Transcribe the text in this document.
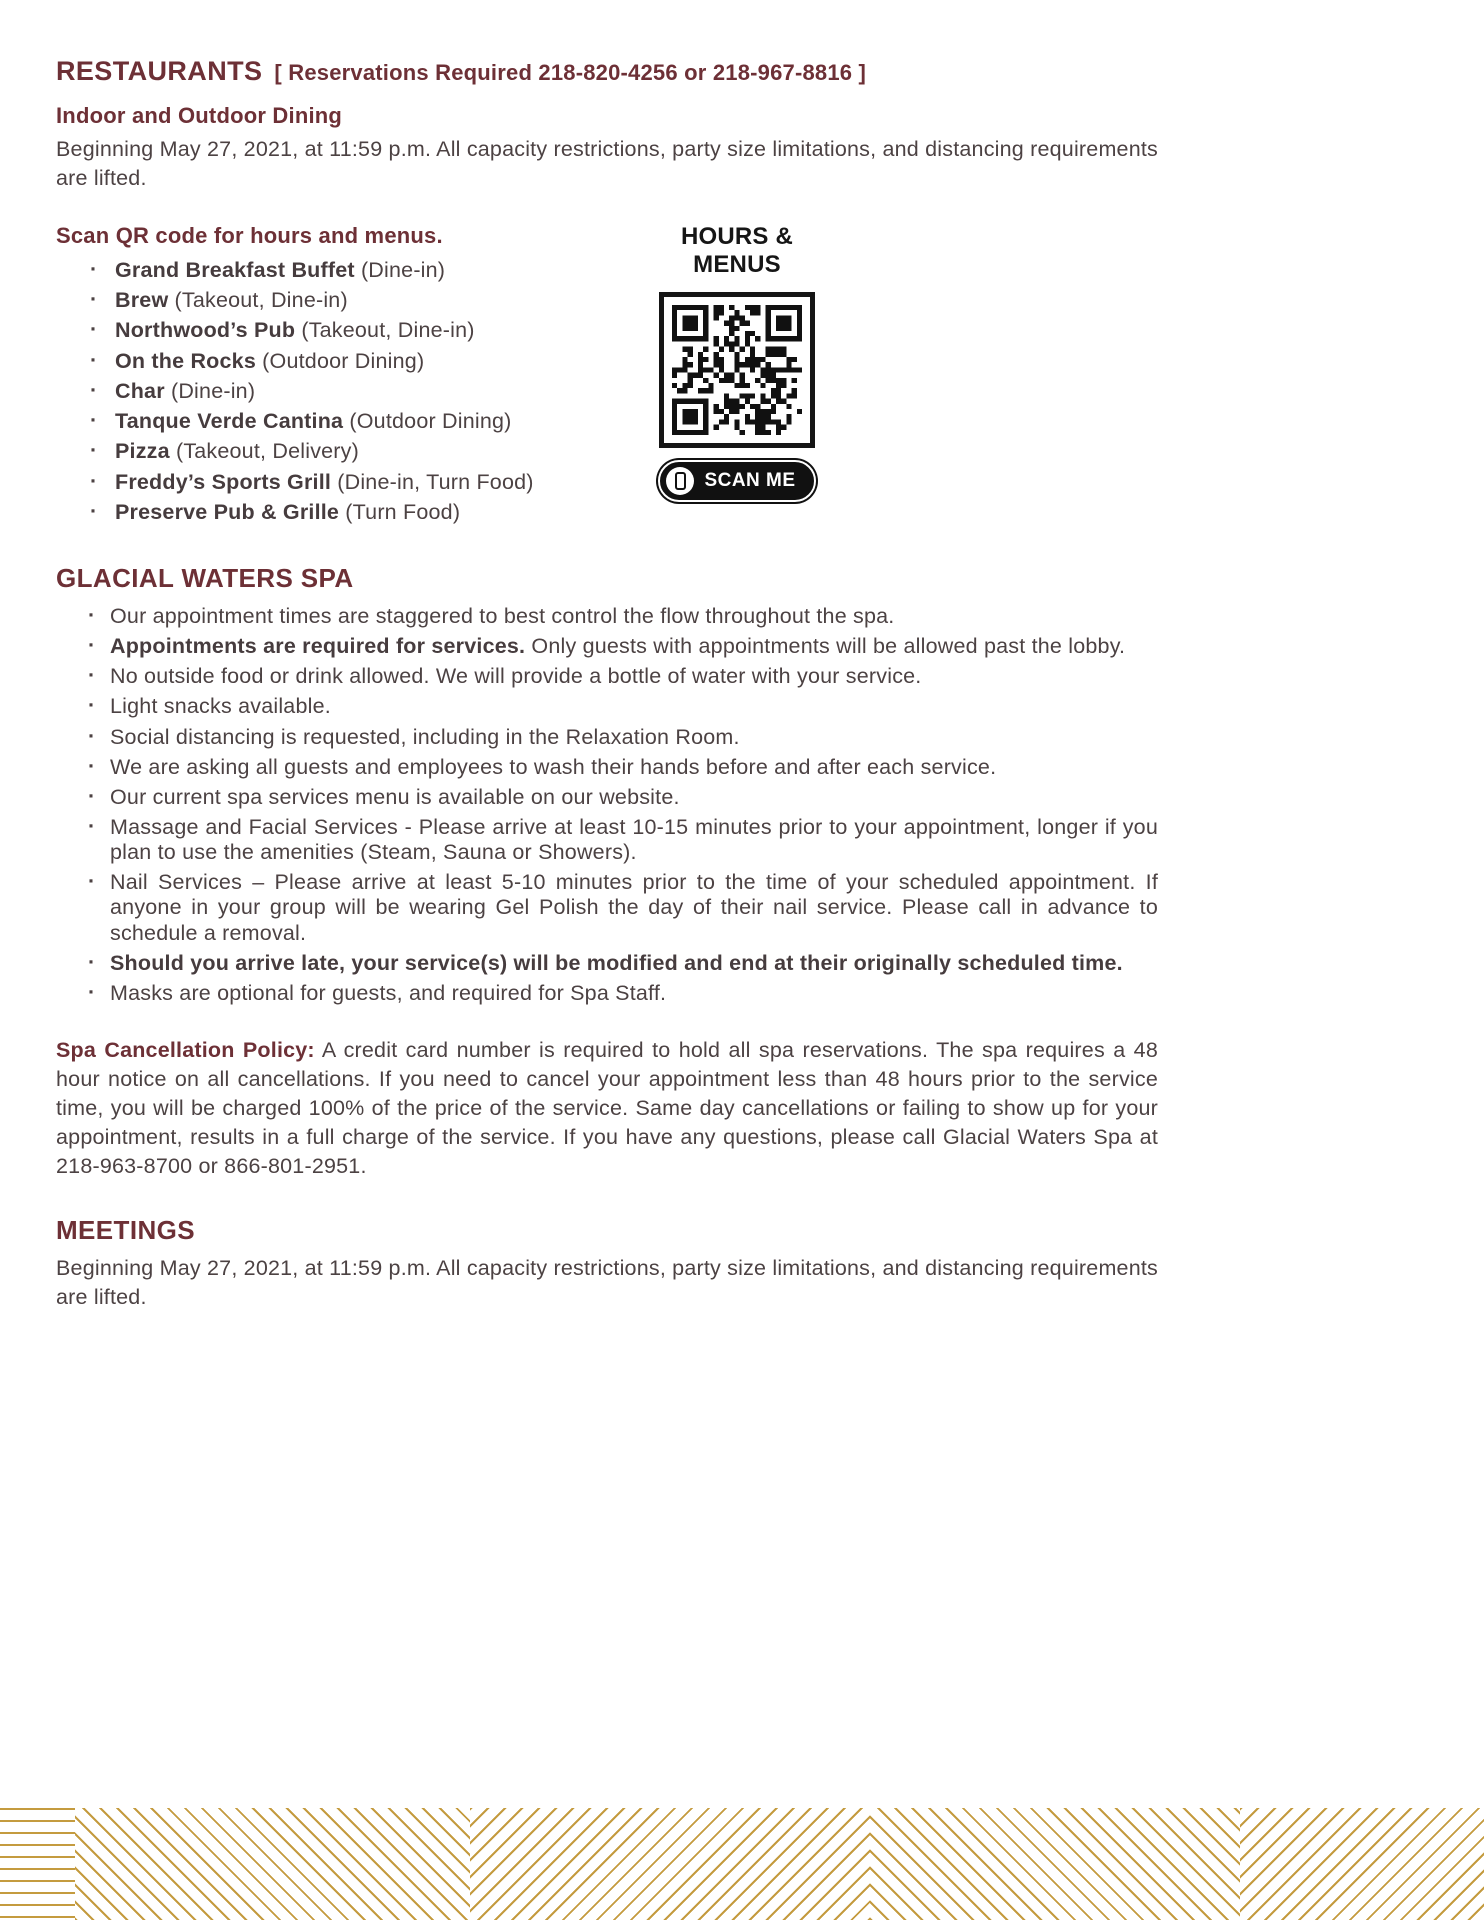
RESTAURANTS [ Reservations Required 218-820-4256 or 218-967-8816 ]
Indoor and Outdoor Dining

Beginning May 27, 2021, at 11:59 p.m. All capacity restrictions, party size limitations, and distancing requirements are lifted.

Scan QR code for hours and menus.
· Grand Breakfast Buffet (Dine-in)
· Brew (Takeout, Dine-in)
· Northwood’s Pub (Takeout, Dine-in)
· On the Rocks (Outdoor Dining)
· Char (Dine-in)
· Tanque Verde Cantina (Outdoor Dining)
· Pizza (Takeout, Delivery)
· Freddy’s Sports Grill (Dine-in, Turn Food)
· Preserve Pub & Grille (Turn Food)
HOURS & MENUS
SCAN ME
GLACIAL WATERS SPA
· Our appointment times are staggered to best control the flow throughout the spa.
· Appointments are required for services. Only guests with appointments will be allowed past the lobby.
· No outside food or drink allowed. We will provide a bottle of water with your service.
· Light snacks available.
· Social distancing is requested, including in the Relaxation Room.
· We are asking all guests and employees to wash their hands before and after each service.
· Our current spa services menu is available on our website.
· Massage and Facial Services - Please arrive at least 10-15 minutes prior to your appointment, longer if you plan to use the amenities (Steam, Sauna or Showers).
· Nail Services – Please arrive at least 5-10 minutes prior to the time of your scheduled appointment. If anyone in your group will be wearing Gel Polish the day of their nail service. Please call in advance to schedule a removal.
· Should you arrive late, your service(s) will be modified and end at their originally scheduled time.
· Masks are optional for guests, and required for Spa Staff.

Spa Cancellation Policy: A credit card number is required to hold all spa reservations. The spa requires a 48 hour notice on all cancellations. If you need to cancel your appointment less than 48 hours prior to the service time, you will be charged 100% of the price of the service. Same day cancellations or failing to show up for your appointment, results in a full charge of the service. If you have any questions, please call Glacial Waters Spa at 218-963-8700 or 866-801-2951.

MEETINGS

Beginning May 27, 2021, at 11:59 p.m. All capacity restrictions, party size limitations, and distancing requirements are lifted.
